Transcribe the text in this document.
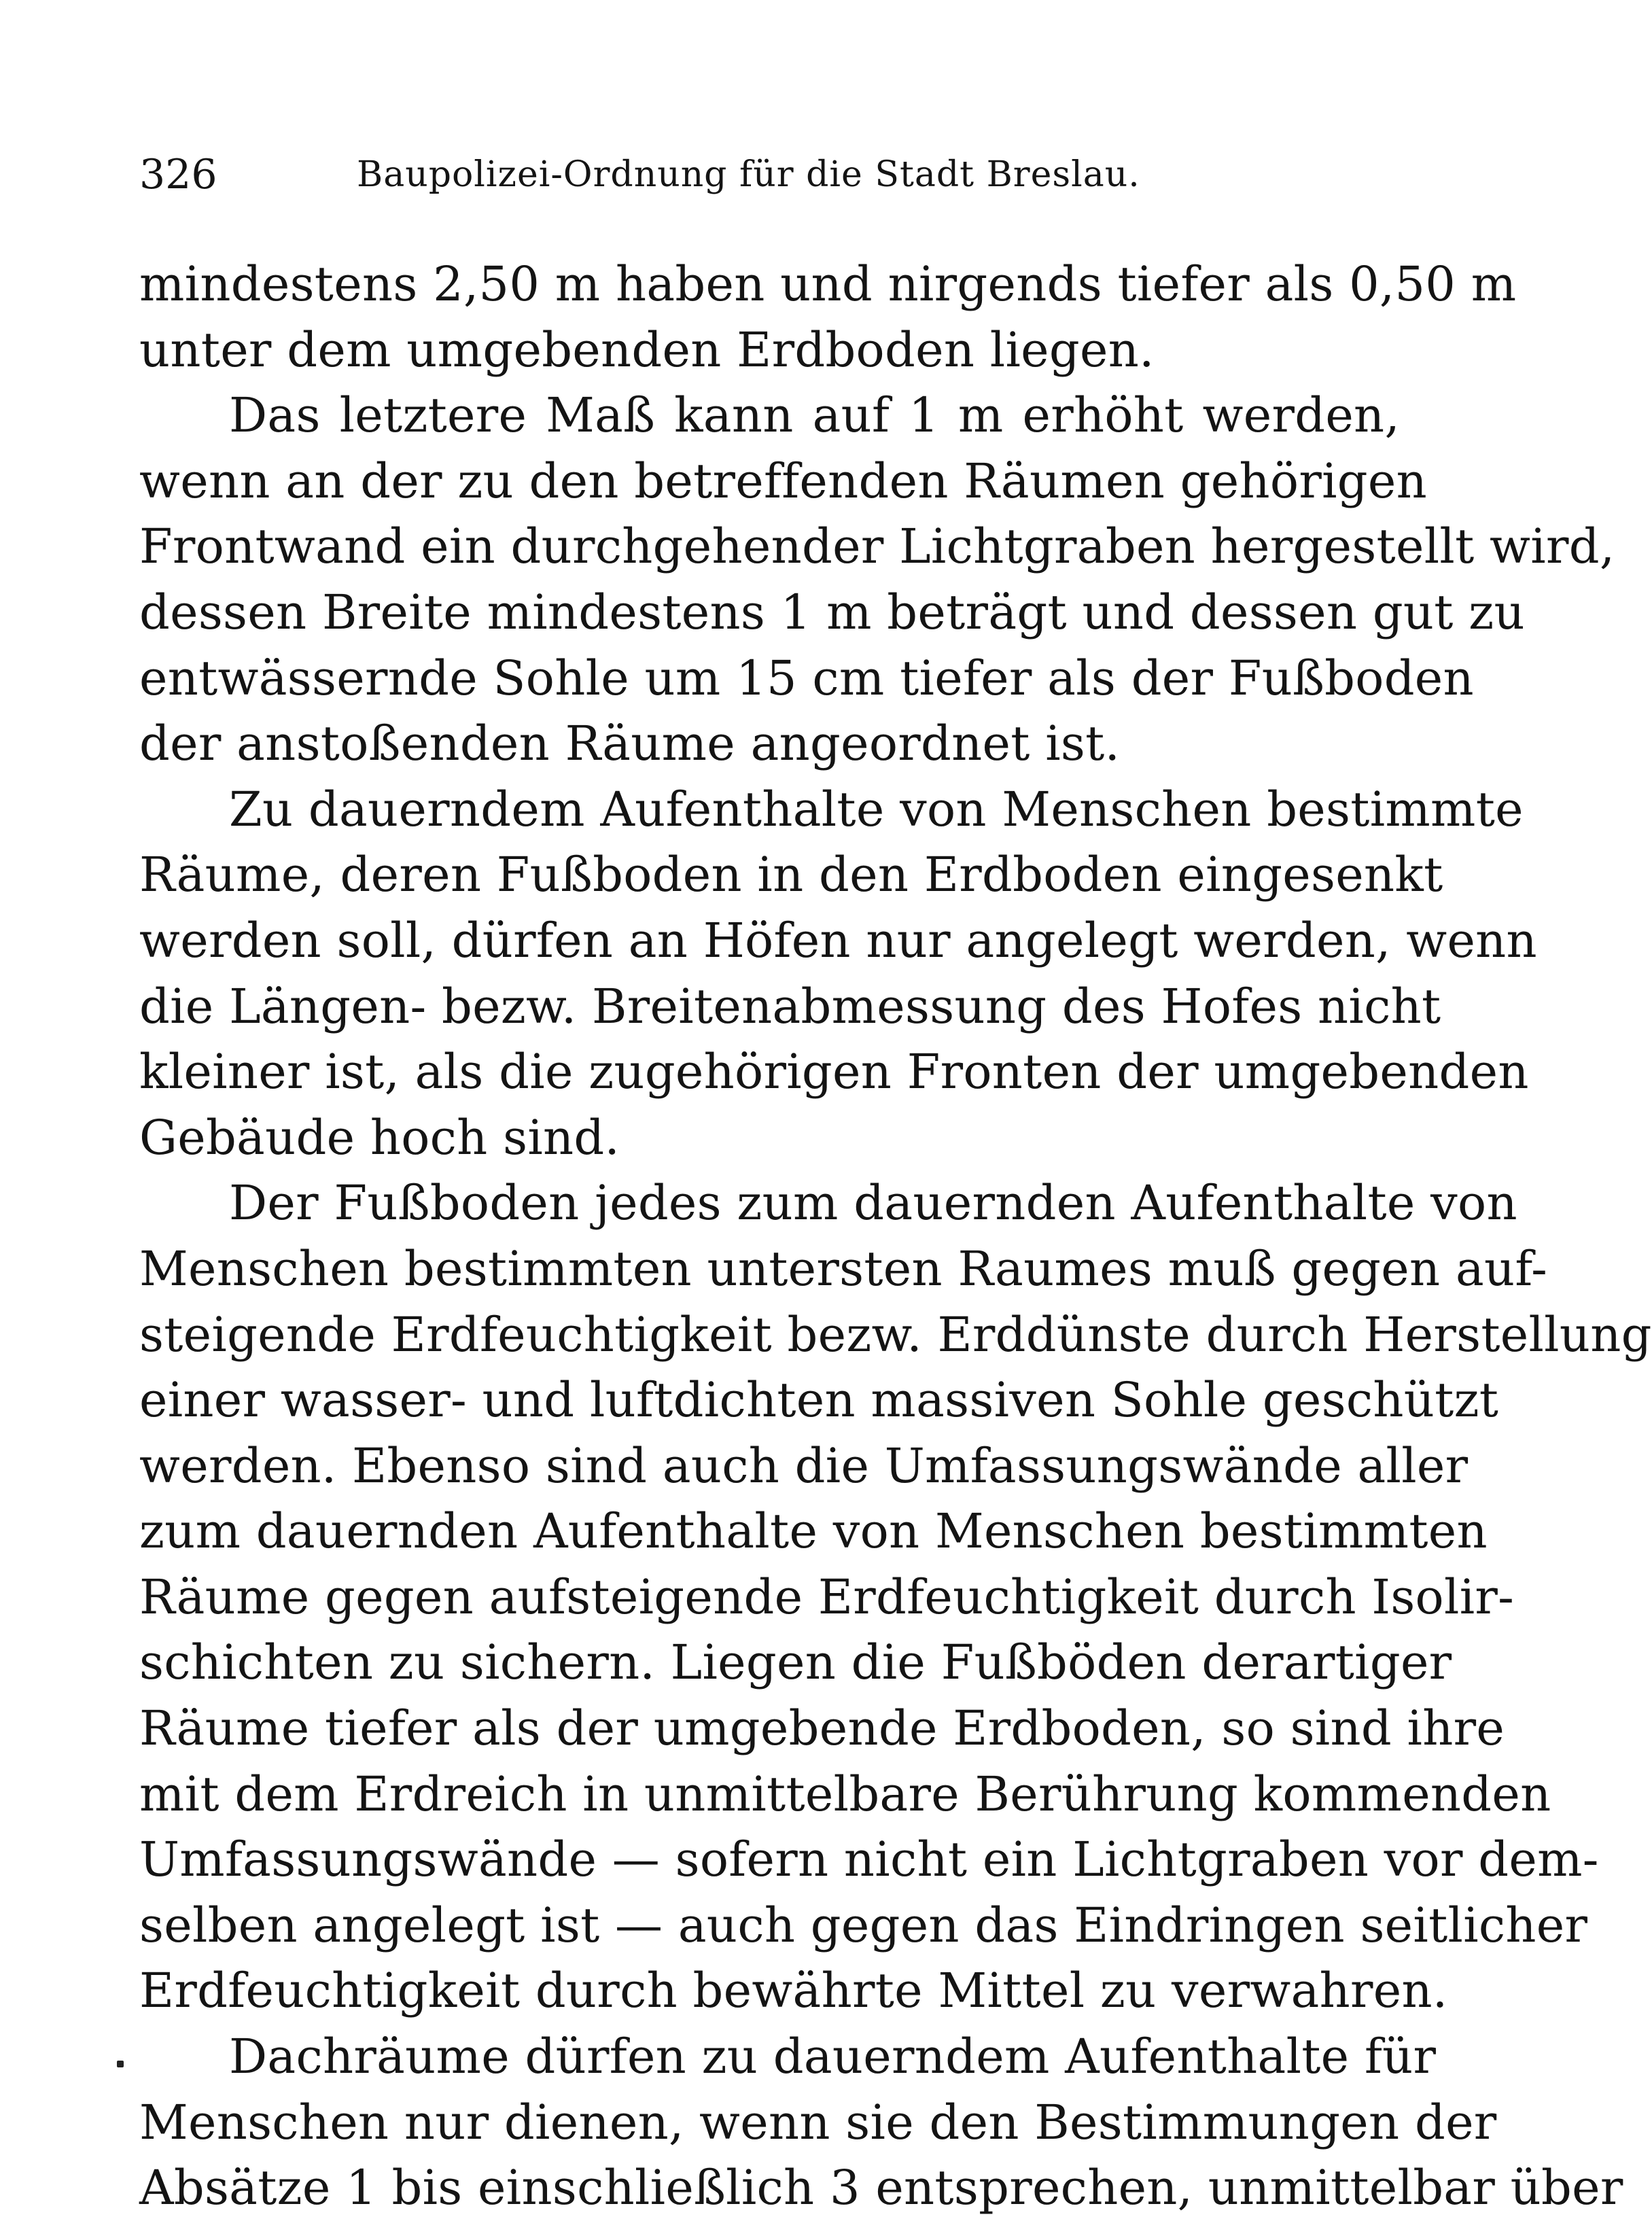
326	Baupolizei-Ordnung für die Stadt Breslau.
mindestens 2,50 m haben und nirgends tiefer als 0,50 m
unter dem umgebenden Erdboden liegen.
Das letztere Maß kann auf 1 m erhöht werden,
wenn an der zu den betreffenden Räumen gehörigen
Frontwand ein durchgehender Lichtgraben hergestellt wird,
dessen Breite mindestens 1 m beträgt und dessen gut zu
entwässernde Sohle um 15 cm tiefer als der Fußboden
der anstoßenden Räume angeordnet ist.
Zu dauerndem Aufenthalte von Menschen bestimmte
Räume, deren Fußboden in den Erdboden eingesenkt
werden soll, dürfen an Höfen nur angelegt werden, wenn
die Längen- bezw. Breitenabmessung des Hofes nicht
kleiner ist, als die zugehörigen Fronten der umgebenden
Gebäude hoch sind.
Der Fußboden jedes zum dauernden Aufenthalte von
Menschen bestimmten untersten Raumes muß gegen auf-
steigende Erdfeuchtigkeit bezw. Erddünste durch Herstellung
einer wasser- und luftdichten massiven Sohle geschützt
werden. Ebenso sind auch die Umfassungswände aller
zum dauernden Aufenthalte von Menschen bestimmten
Räume gegen aufsteigende Erdfeuchtigkeit durch Isolir-
schichten zu sichern. Liegen die Fußböden derartiger
Räume tiefer als der umgebende Erdboden, so sind ihre
mit dem Erdreich in unmittelbare Berührung kommenden
Umfassungswände — sofern nicht ein Lichtgraben vor dem-
selben angelegt ist — auch gegen das Eindringen seitlicher
Erdfeuchtigkeit durch bewährte Mittel zu verwahren.
Dachräume dürfen zu dauerndem Aufenthalte für
Menschen nur dienen, wenn sie den Bestimmungen der
Absätze 1 bis einschließlich 3 entsprechen, unmittelbar über
